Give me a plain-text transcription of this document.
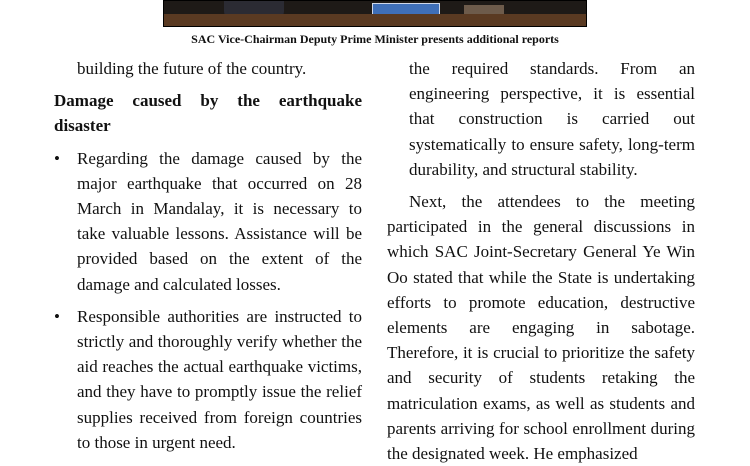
SAC Vice-Chairman Deputy Prime Minister presents additional reports

building the future of the country.

Damage caused by the earthquake disaster

• Regarding the damage caused by the major earthquake that occurred on 28 March in Mandalay, it is necessary to take valuable lessons. Assistance will be provided based on the extent of the damage and calculated losses.
• Responsible authorities are instructed to strictly and thoroughly verify whether the aid reaches the actual earthquake victims, and they have to promptly issue the relief supplies received from foreign countries to those in urgent need.

the required standards. From an engineering perspective, it is essential that construction is carried out systematically to ensure safety, long-term durability, and structural stability.

Next, the attendees to the meeting participated in the general discussions in which SAC Joint-Secretary General Ye Win Oo stated that while the State is undertaking efforts to promote education, destructive elements are engaging in sabotage. Therefore, it is crucial to prioritize the safety and security of students retaking the matriculation exams, as well as students and parents arriving for school enrollment during the designated week. He emphasized
